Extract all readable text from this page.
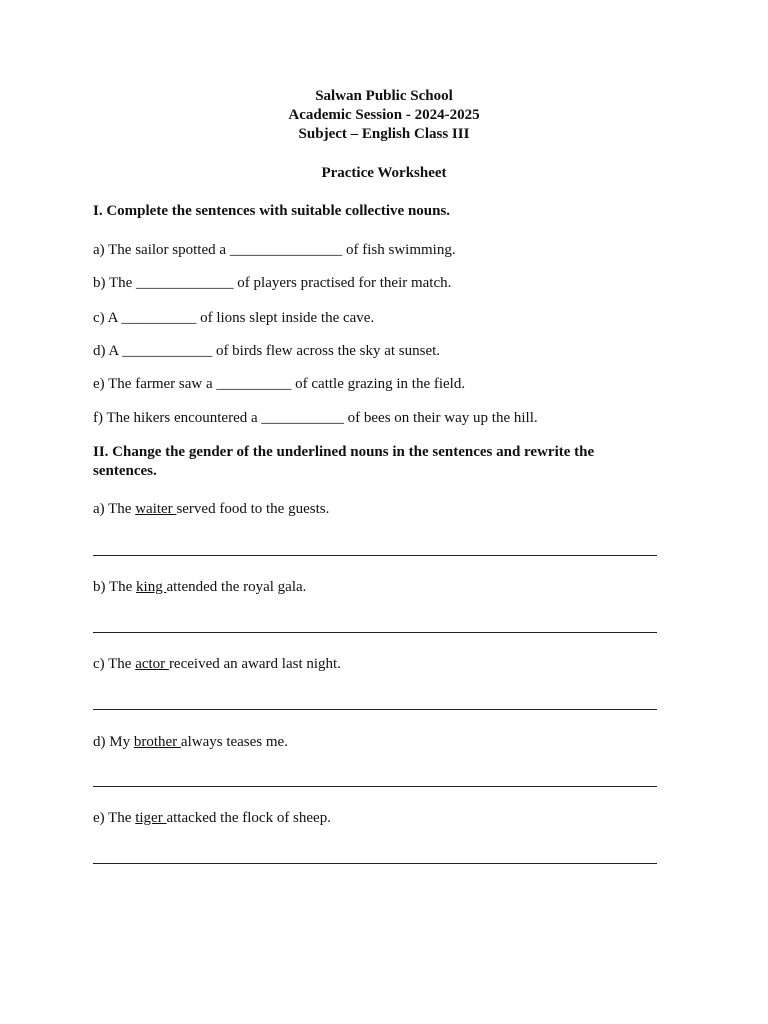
Salwan Public School
Academic Session - 2024-2025
Subject – English Class III
Practice Worksheet
I. Complete the sentences with suitable collective nouns.
a) The sailor spotted a _______________ of fish swimming.
b) The _____________ of players practised for their match.
c) A __________ of lions slept inside the cave.
d) A ____________ of birds flew across the sky at sunset.
e) The farmer saw a __________ of cattle grazing in the field.
f) The hikers encountered a ___________ of bees on their way up the hill.
II. Change the gender of the underlined nouns in the sentences and rewrite the
sentences.
a) The waiter served food to the guests.
b) The king attended the royal gala.
c) The actor received an award last night.
d) My brother always teases me.
e) The tiger attacked the flock of sheep.
